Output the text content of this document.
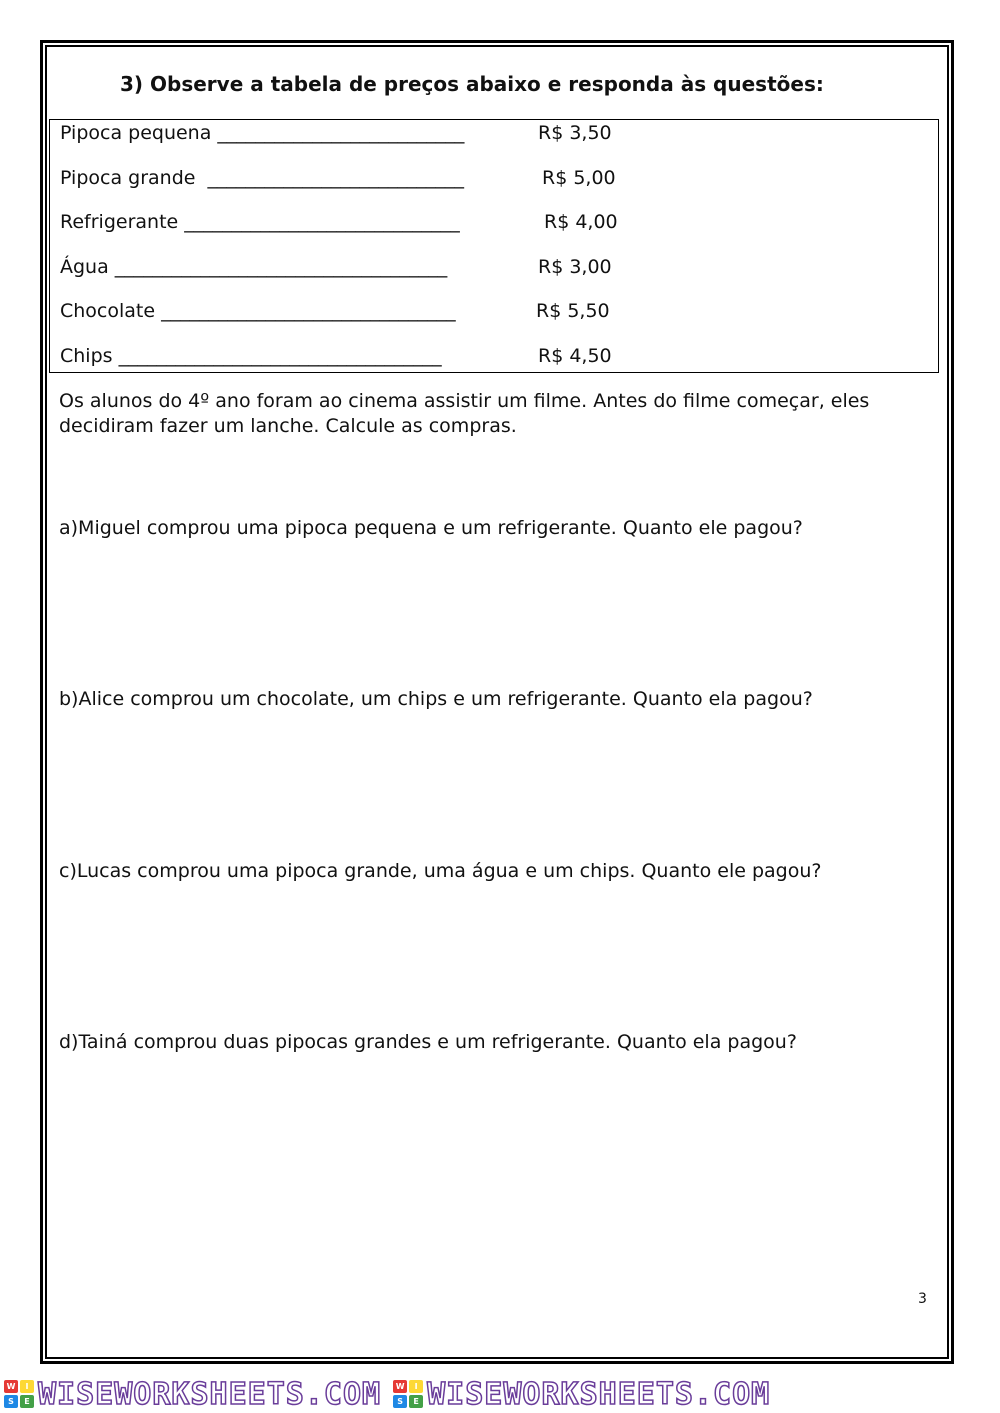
3) Observe a tabela de preços abaixo e responda às questões:
Pipoca pequena __________________________	R$ 3,50
Pipoca grande ___________________________	R$ 5,00
Refrigerante _____________________________	R$ 4,00
Água ___________________________________	R$ 3,00
Chocolate _______________________________	R$ 5,50
Chips __________________________________	R$ 4,50
Os alunos do 4º ano foram ao cinema assistir um filme. Antes do filme começar, eles decidiram fazer um lanche. Calcule as compras.
a)Miguel comprou uma pipoca pequena e um refrigerante. Quanto ele pagou?
b)Alice comprou um chocolate, um chips e um refrigerante. Quanto ela pagou?
c)Lucas comprou uma pipoca grande, uma água e um chips. Quanto ele pagou?
d)Tainá comprou duas pipocas grandes e um refrigerante. Quanto ela pagou?
3
W	I
S	E WISEWORKSHEETS.COM	W	I
S	E WISEWORKSHEETS.COM
